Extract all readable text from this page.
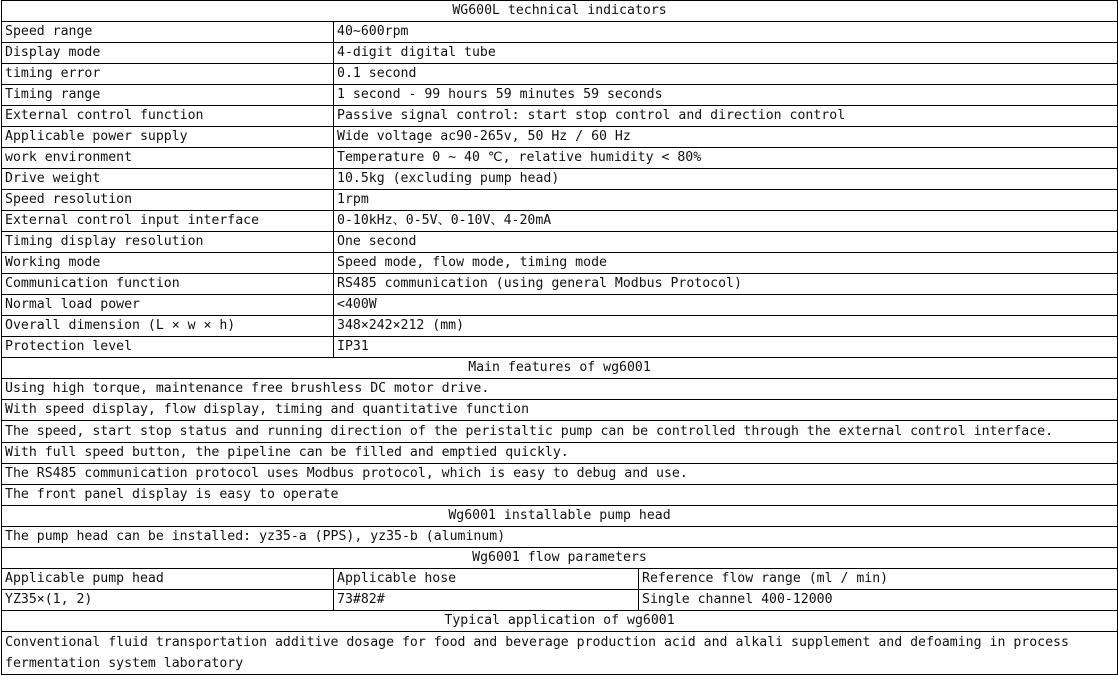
WG600L technical indicators		
Speed range	40~600rpm	
Display mode	4-digit digital tube	
timing error	0.1 second	
Timing range	1 second - 99 hours 59 minutes 59 seconds	
External control function	Passive signal control: start stop control and direction control	
Applicable power supply	Wide voltage ac90-265v, 50 Hz / 60 Hz	
work environment	Temperature 0 ~ 40 ℃, relative humidity < 80%	
Drive weight	10.5kg (excluding pump head)	
Speed resolution	1rpm	
External control input interface	0-10kHz、0-5V、0-10V、4-20mA	
Timing display resolution	One second	
Working mode	Speed mode, flow mode, timing mode	
Communication function	RS485 communication (using general Modbus Protocol)	
Normal load power	<400W	
Overall dimension (L × w × h)	348×242×212 (mm)	
Protection level	IP31	
Main features of wg6001		
Using high torque, maintenance free brushless DC motor drive.		
With speed display, flow display, timing and quantitative function		
The speed, start stop status and running direction of the peristaltic pump can be controlled through the external control interface.		
With full speed button, the pipeline can be filled and emptied quickly.		
The RS485 communication protocol uses Modbus protocol, which is easy to debug and use.		
The front panel display is easy to operate		
Wg6001 installable pump head		
The pump head can be installed: yz35-a (PPS), yz35-b (aluminum)		
Wg6001 flow parameters		
Applicable pump head	Applicable hose	Reference flow range (ml / min)
YZ35×(1, 2)	73#82#	Single channel 400-12000
Typical application of wg6001		
Conventional fluid transportation additive dosage for food and beverage production acid and alkali supplement and defoaming in process fermentation system laboratory		
